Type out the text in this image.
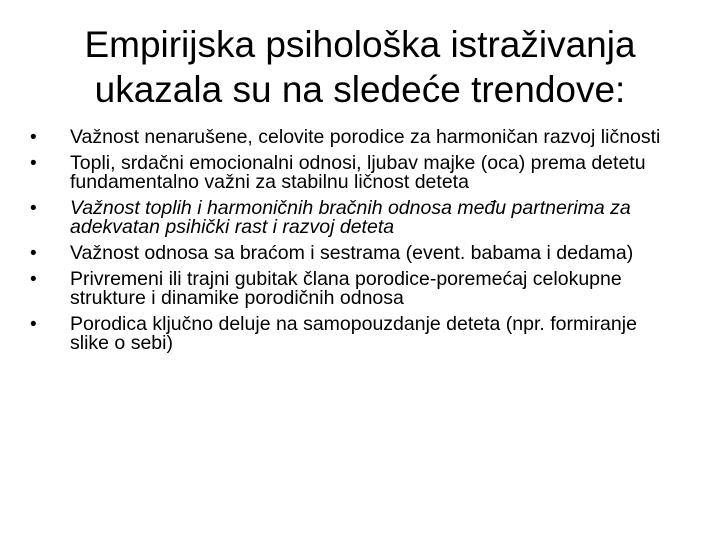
Empirijska psihološka istraživanja
ukazala su na sledeće trendove:
• Važnost nenarušene, celovite porodice za harmoničan razvoj ličnosti
• Topli, srdačni emocionalni odnosi, ljubav majke (oca) prema detetu fundamentalno važni za stabilnu ličnost deteta
• Važnost toplih i harmoničnih bračnih odnosa među partnerima za adekvatan psihički rast i razvoj deteta
• Važnost odnosa sa braćom i sestrama (event. babama i dedama)
• Privremeni ili trajni gubitak člana porodice-poremećaj celokupne strukture i dinamike porodičnih odnosa
• Porodica ključno deluje na samopouzdanje deteta (npr. formiranje slike o sebi)
